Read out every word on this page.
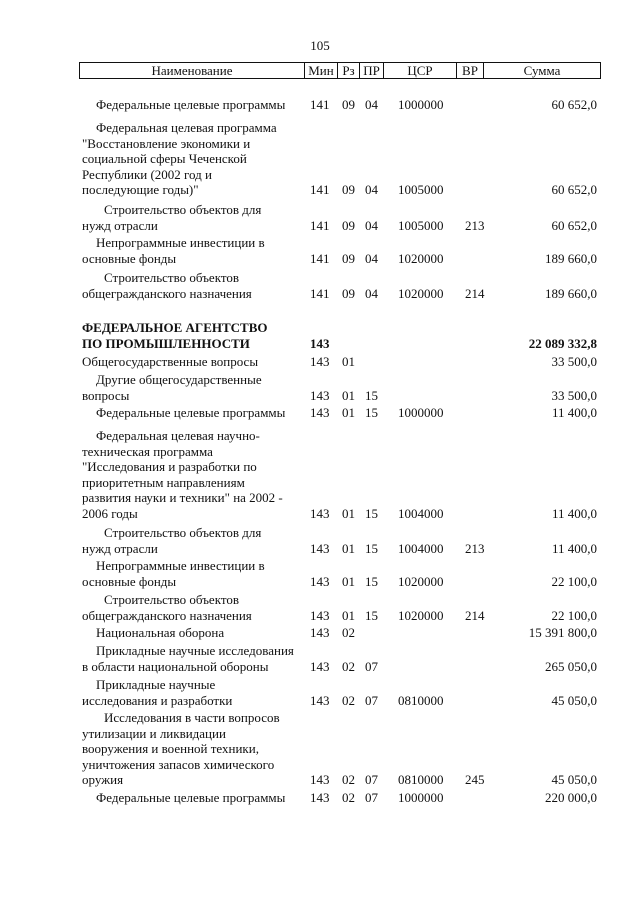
105
Наименование	Мин Рз ПР	ЦСР	ВР	Сумма
Федеральные целевые программы	141 09 04 1000000	60 652,0
Федеральная целевая программа
"Восстановление экономики и
социальной сферы Чеченской
Республики (2002 год и
последующие годы)"	141 09 04 1005000	60 652,0
Строительство объектов для
нужд отрасли	141 09 04 1005000 213	60 652,0
Непрограммные инвестиции в
основные фонды	141 09 04 1020000	189 660,0
Строительство объектов
общегражданского назначения	141 09 04 1020000 214	189 660,0
ФЕДЕРАЛЬНОЕ АГЕНТСТВО
ПО ПРОМЫШЛЕННОСТИ	143	22 089 332,8
Общегосударственные вопросы	143 01	33 500,0
Другие общегосударственные
вопросы	143 01 15	33 500,0
Федеральные целевые программы	143 01 15 1000000	11 400,0
Федеральная целевая научно-
техническая программа
"Исследования и разработки по
приоритетным направлениям
развития науки и техники" на 2002 -
2006 годы	143 01 15 1004000	11 400,0
Строительство объектов для
нужд отрасли	143 01 15 1004000 213	11 400,0
Непрограммные инвестиции в
основные фонды	143 01 15 1020000	22 100,0
Строительство объектов
общегражданского назначения	143 01 15 1020000 214	22 100,0
Национальная оборона	143 02	15 391 800,0
Прикладные научные исследования
в области национальной обороны	143 02 07	265 050,0
Прикладные научные
исследования и разработки	143 02 07 0810000	45 050,0
Исследования в части вопросов
утилизации и ликвидации
вооружения и военной техники,
уничтожения запасов химического
оружия	143 02 07 0810000 245	45 050,0
Федеральные целевые программы	143 02 07 1000000	220 000,0
